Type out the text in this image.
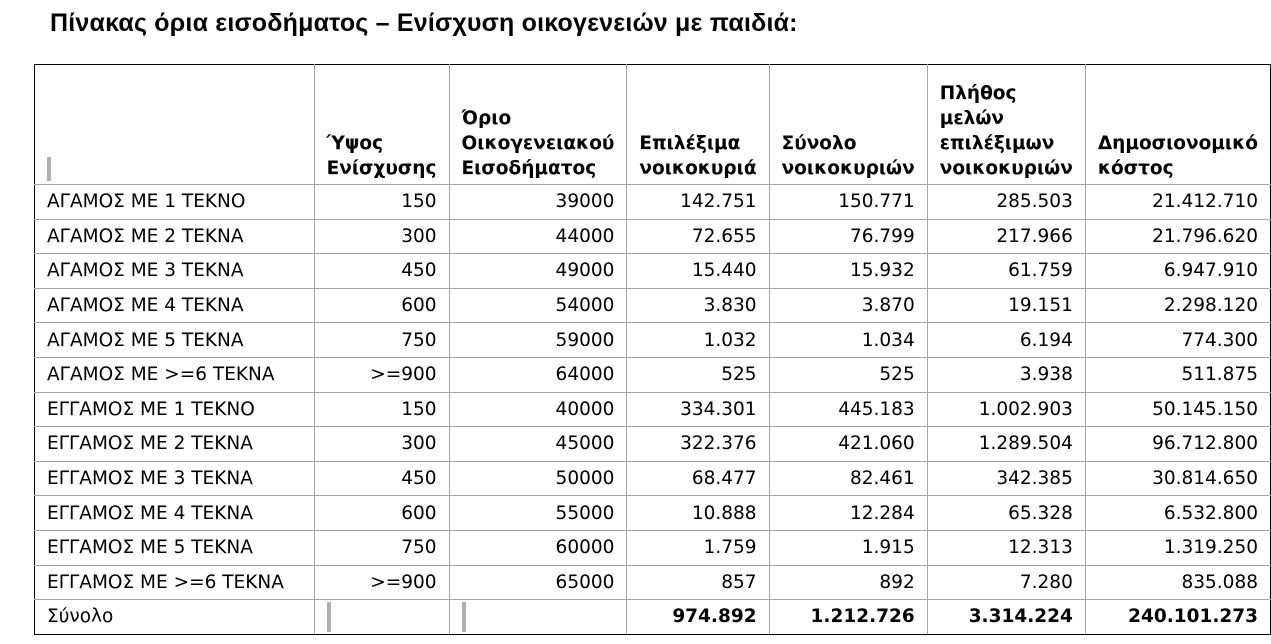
Πίνακας όρια εισοδήματος – Ενίσχυση οικογενειών με παιδιά:
	Ύψος Ενίσχυσης	Όριο Οικογενειακού Εισοδήματος	Επιλέξιμα νοικοκυριά	Σύνολο νοικοκυριών	Πλήθος μελών επιλέξιμων νοικοκυριών	Δημοσιονομικό κόστος
ΑΓΑΜΟΣ ΜΕ 1 ΤΕΚΝΟ	150	39000	142.751	150.771	285.503	21.412.710
ΑΓΑΜΟΣ ΜΕ 2 ΤΕΚΝΑ	300	44000	72.655	76.799	217.966	21.796.620
ΑΓΑΜΟΣ ΜΕ 3 ΤΕΚΝΑ	450	49000	15.440	15.932	61.759	6.947.910
ΑΓΑΜΟΣ ΜΕ 4 ΤΕΚΝΑ	600	54000	3.830	3.870	19.151	2.298.120
ΑΓΑΜΟΣ ΜΕ 5 ΤΕΚΝΑ	750	59000	1.032	1.034	6.194	774.300
ΑΓΑΜΟΣ ΜΕ >=6 ΤΕΚΝΑ	>=900	64000	525	525	3.938	511.875
ΕΓΓΑΜΟΣ ΜΕ 1 ΤΕΚΝΟ	150	40000	334.301	445.183	1.002.903	50.145.150
ΕΓΓΑΜΟΣ ΜΕ 2 ΤΕΚΝΑ	300	45000	322.376	421.060	1.289.504	96.712.800
ΕΓΓΑΜΟΣ ΜΕ 3 ΤΕΚΝΑ	450	50000	68.477	82.461	342.385	30.814.650
ΕΓΓΑΜΟΣ ΜΕ 4 ΤΕΚΝΑ	600	55000	10.888	12.284	65.328	6.532.800
ΕΓΓΑΜΟΣ ΜΕ 5 ΤΕΚΝΑ	750	60000	1.759	1.915	12.313	1.319.250
ΕΓΓΑΜΟΣ ΜΕ >=6 ΤΕΚΝΑ	>=900	65000	857	892	7.280	835.088
Σύνολο			974.892	1.212.726	3.314.224	240.101.273
